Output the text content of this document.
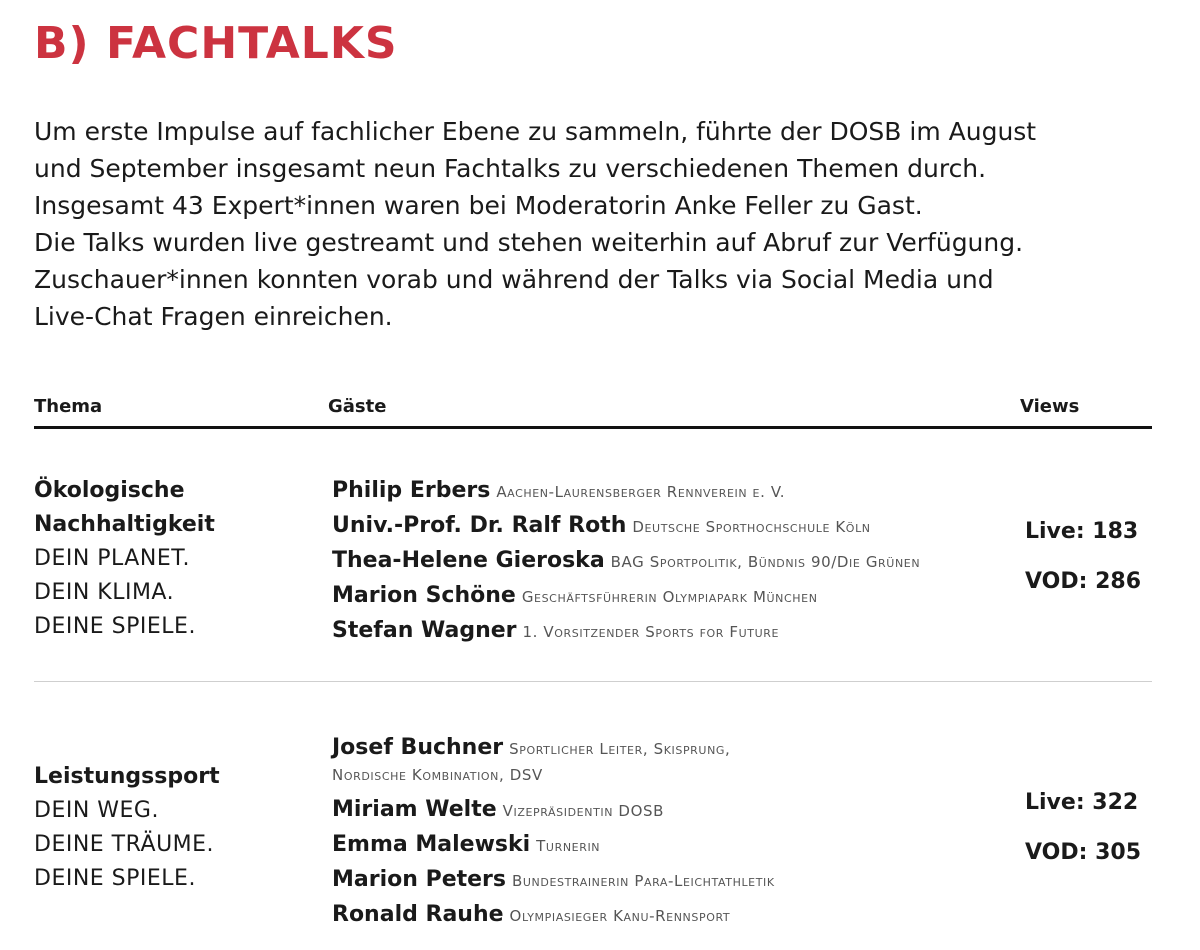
B) FACHTALKS

Um erste Impulse auf fachlicher Ebene zu sammeln, führte der DOSB im August

und September insgesamt neun Fachtalks zu verschiedenen Themen durch.

Insgesamt 43 Expert*innen waren bei Moderatorin Anke Feller zu Gast.

Die Talks wurden live gestreamt und stehen weiterhin auf Abruf zur Verfügung.

Zuschauer*innen konnten vorab und während der Talks via Social Media und

Live-Chat Fragen einreichen.

Thema	Gäste	Views
Ökologische
Nachhaltigkeit
DEIN PLANET.
DEIN KLIMA.
DEINE SPIELE.
Philip Erbers Aachen-Laurensberger Rennverein e. V.
Univ.-Prof. Dr. Ralf Roth Deutsche Sporthochschule Köln
Thea-Helene Gieroska BAG Sportpolitik, Bündnis 90/Die Grünen
Marion Schöne Geschäftsführerin Olympiapark München
Stefan Wagner 1. Vorsitzender Sports for Future
Live: 183
VOD: 286
Leistungssport
DEIN WEG.
DEINE TRÄUME.
DEINE SPIELE.
Josef Buchner Sportlicher Leiter, Skisprung,
Nordische Kombination, DSV
Miriam Welte Vizepräsidentin DOSB
Emma Malewski Turnerin
Marion Peters Bundestrainerin Para-Leichtathletik
Ronald Rauhe Olympiasieger Kanu-Rennsport
Live: 322
VOD: 305
